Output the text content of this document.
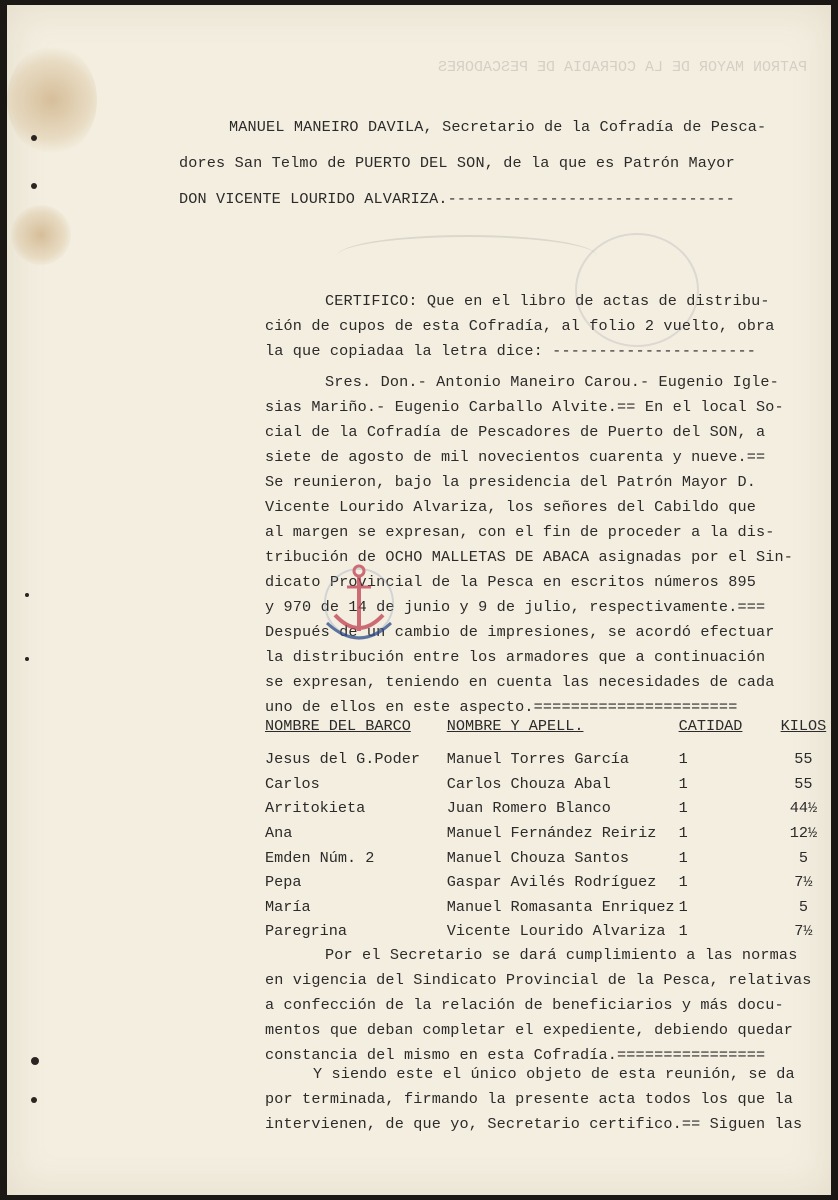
PATRON MAYOR DE LA COFRADIA DE PESCADORES
MANUEL MANEIRO DAVILA, Secretario de la Cofradía de Pesca-
dores San Telmo de PUERTO DEL SON, de la que es Patrón Mayor
DON VICENTE LOURIDO ALVARIZA.-------------------------------
CERTIFICO: Que en el libro de actas de distribu-
ción de cupos de esta Cofradía, al folio 2 vuelto, obra
la que copiadaa la letra dice: ----------------------
Sres. Don.- Antonio Maneiro Carou.- Eugenio Igle-
sias Mariño.- Eugenio Carballo Alvite.== En el local So-
cial de la Cofradía de Pescadores de Puerto del SON, a
siete de agosto de mil novecientos cuarenta y nueve.==
Se reunieron, bajo la presidencia del Patrón Mayor D.
Vicente Lourido Alvariza, los señores del Cabildo que
al margen se expresan, con el fin de proceder a la dis-
tribución de OCHO MALLETAS DE ABACA asignadas por el Sin-
dicato Provincial de la Pesca en escritos números 895
y 970 de 14 de junio y 9 de julio, respectivamente.===
Después de un cambio de impresiones, se acordó efectuar
la distribución entre los armadores que a continuación
se expresan, teniendo en cuenta las necesidades de cada
uno de ellos en este aspecto.======================
NOMBRE DEL BARCO	NOMBRE Y APELL.	CATIDAD	KILOS
Jesus del G.Poder	Manuel Torres García	1	55
Carlos	Carlos Chouza Abal	1	55
Arritokieta	Juan Romero Blanco	1	44½
Ana	Manuel Fernández Reiriz	1	12½
Emden Núm. 2	Manuel Chouza Santos	1	5
Pepa	Gaspar Avilés Rodríguez	1	7½
María	Manuel Romasanta Enriquez	1	5
Paregrina	Vicente Lourido Alvariza	1	7½
Por el Secretario se dará cumplimiento a las normas
en vigencia del Sindicato Provincial de la Pesca, relativas
a confección de la relación de beneficiarios y más docu-
mentos que deban completar el expediente, debiendo quedar
constancia del mismo en esta Cofradía.================
Y siendo este el único objeto de esta reunión, se da
por terminada, firmando la presente acta todos los que la
intervienen, de que yo, Secretario certifico.== Siguen las
